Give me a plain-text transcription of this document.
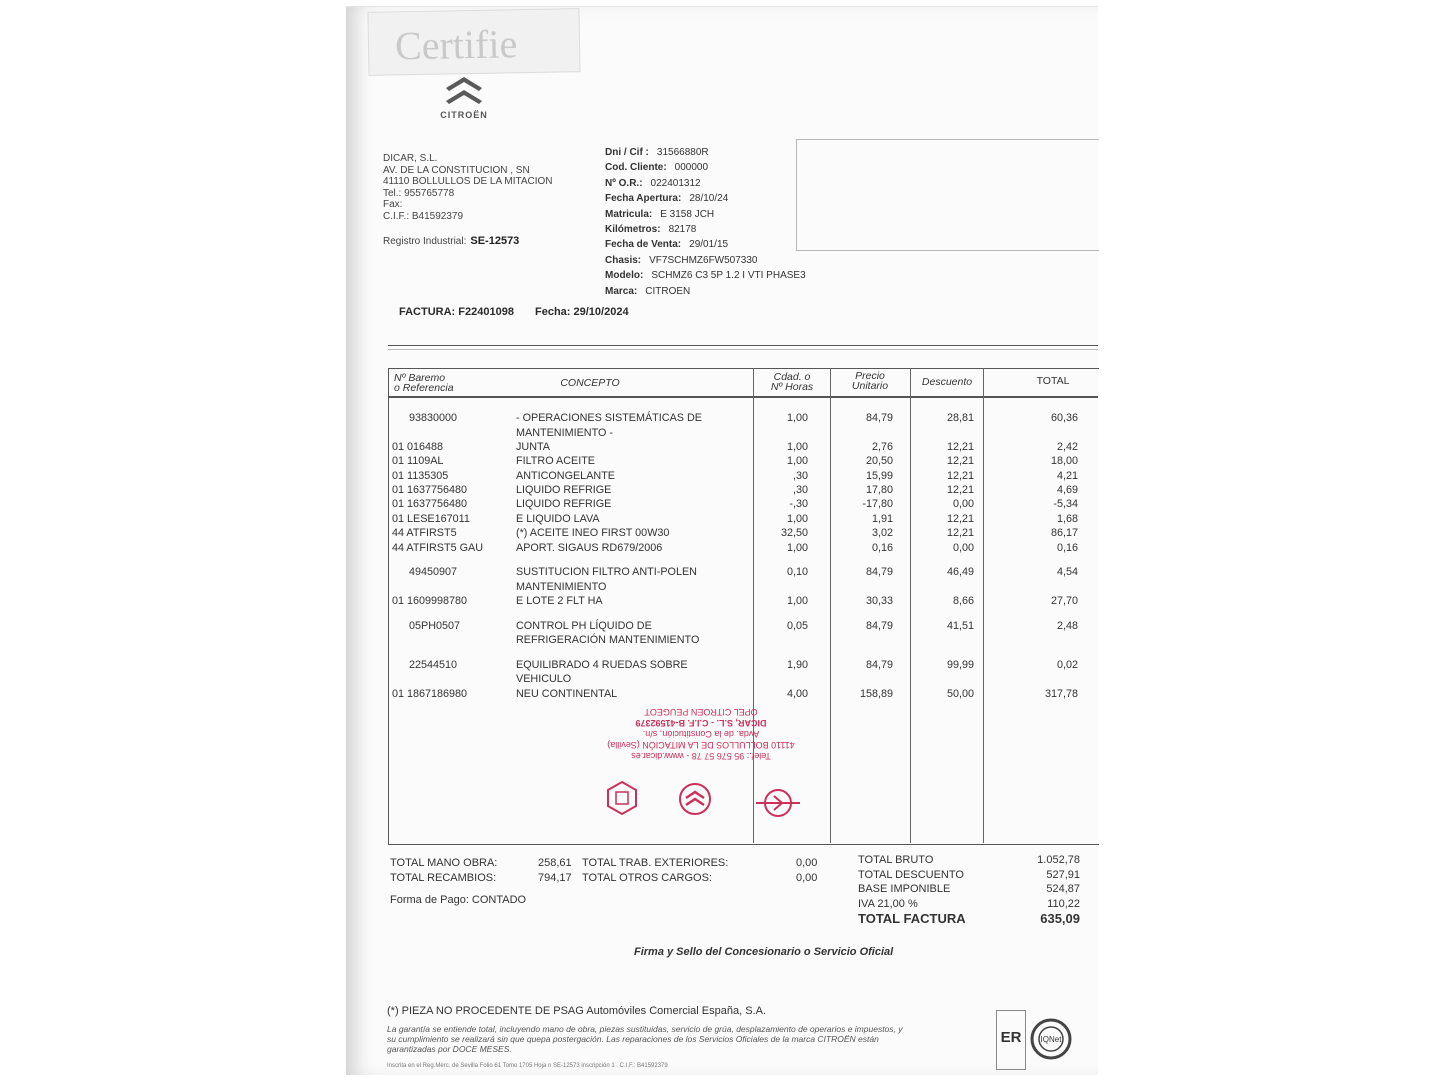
Certifie
CITROËN
DICAR, S.L.
AV. DE LA CONSTITUCION , SN
41110 BOLLULLOS DE LA MITACION
Tel.: 955765778
Fax:
C.I.F.: B41592379
Registro Industrial: SE-12573
Dni / Cif : 31566880R
Cod. Cliente: 000000
Nº O.R.: 022401312
Fecha Apertura: 28/10/24
Matricula: E 3158 JCH
Kilómetros: 82178
Fecha de Venta: 29/01/15
Chasis: VF7SCHMZ6FW507330
Modelo: SCHMZ6 C3 5P 1.2 I VTI PHASE3
Marca: CITROEN
FACTURA: F22401098 Fecha: 29/10/2024
Nº Baremo
o Referencia	CONCEPTO	Cdad. o
Nº Horas
Precio
Unitario	Descuento	TOTAL
93830000	- OPERACIONES SISTEMÁTICAS DE	1,00	84,79	28,81	60,36
MANTENIMIENTO -
01 016488	JUNTA	1,00	2,76	12,21	2,42
01 1109AL	FILTRO ACEITE	1,00	20,50	12,21	18,00
01 1135305	ANTICONGELANTE	,30	15,99	12,21	4,21
01 1637756480	LIQUIDO REFRIGE	,30	17,80	12,21	4,69
01 1637756480	LIQUIDO REFRIGE	-,30	-17,80	0,00	-5,34
01 LESE167011	E LIQUIDO LAVA	1,00	1,91	12,21	1,68
44 ATFIRST5	(*) ACEITE INEO FIRST 00W30	32,50	3,02	12,21	86,17
44 ATFIRST5 GAU	APORT. SIGAUS RD679/2006	1,00	0,16	0,00	0,16
49450907	SUSTITUCION FILTRO ANTI-POLEN	0,10	84,79	46,49	4,54
MANTENIMIENTO
01 1609998780	E LOTE 2 FLT HA	1,00	30,33	8,66	27,70
05PH0507	CONTROL PH LÍQUIDO DE	0,05	84,79	41,51	2,48
REFRIGERACIÓN MANTENIMIENTO
22544510	EQUILIBRADO 4 RUEDAS SOBRE	1,90	84,79	99,99	0,02
VEHICULO
01 1867186980	NEU CONTINENTAL	4,00	158,89	50,00	317,78
Telef.: 95 576 57 78 - www.dicar.es
41110 BOLLULLOS DE LA MITACIÓN (Sevilla)
Avda. de la Constitución, s/n.
DICAR, S.L. - C.I.F. B-41592379
OPEL CITROEN PEUGEOT
TOTAL MANO OBRA:	258,61 TOTAL TRAB. EXTERIORES:	0,00
TOTAL RECAMBIOS:	794,17 TOTAL OTROS CARGOS:	0,00
Forma de Pago: CONTADO
TOTAL BRUTO	1.052,78
TOTAL DESCUENTO	527,91
BASE IMPONIBLE	524,87
IVA 21,00 %	110,22
TOTAL FACTURA	635,09
Firma y Sello del Concesionario o Servicio Oficial
(*) PIEZA NO PROCEDENTE DE PSAG Automóviles Comercial España, S.A.
La garantía se entiende total, incluyendo mano de obra, piezas sustituidas, servicio de grúa, desplazamiento de operarios e impuestos, y su cumplimiento se realizará sin que quepa postergación. Las reparaciones de los Servicios Oficiales de la marca CITROËN están garantizadas por DOCE MESES.
Inscrita en el Reg.Merc. de Sevilla Folio 61 Tomo 1705 Hoja n SE-12573 inscripción 1 . C.I.F.: B41592379
ER	IQNet
